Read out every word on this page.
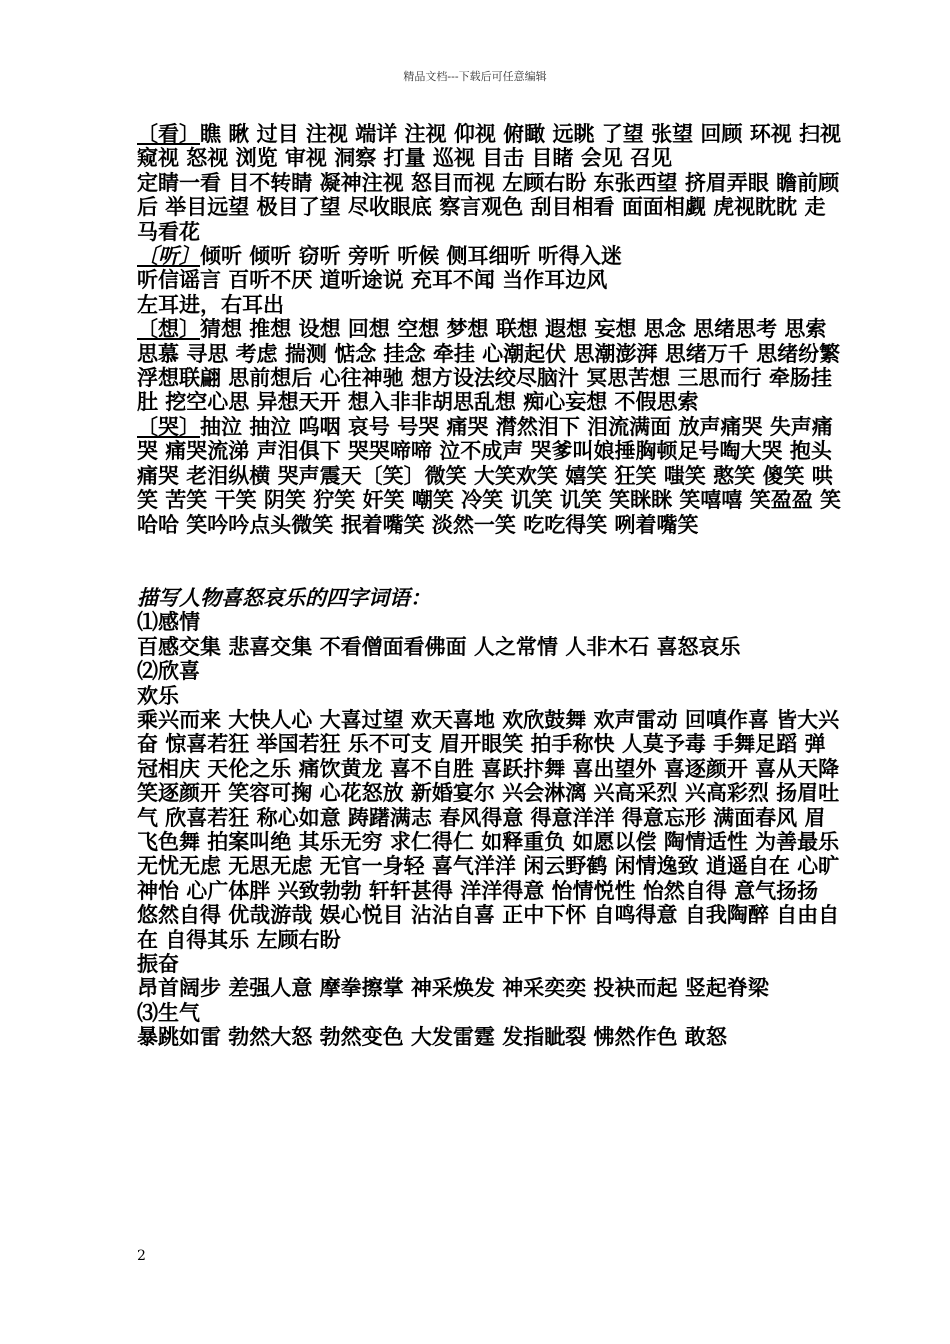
精品文档---下载后可任意编辑

〔看〕瞧 瞅 过目 注视 端详 注视 仰视 俯瞰 远眺 了望 张望 回顾 环视 扫视 窥视 怒视 浏览 审视 洞察 打量 巡视 目击 目睹 会见 召见

定睛一看 目不转睛 凝神注视 怒目而视 左顾右盼 东张西望 挤眉弄眼 瞻前顾后 举目远望 极目了望 尽收眼底 察言观色 刮目相看 面面相觑 虎视眈眈 走马看花

〔听〕倾听 倾听 窃听 旁听 听候 侧耳细听 听得入迷

听信谣言 百听不厌 道听途说 充耳不闻 当作耳边风

左耳进，右耳出

〔想〕猜想 推想 设想 回想 空想 梦想 联想 遐想 妄想 思念 思绪思考 思索 思慕 寻思 考虑 揣测 惦念 挂念 牵挂 心潮起伏 思潮澎湃 思绪万千 思绪纷繁 浮想联翩 思前想后 心往神驰 想方设法绞尽脑汁 冥思苦想 三思而行 牵肠挂肚 挖空心思 异想天开 想入非非胡思乱想 痴心妄想 不假思索

〔哭〕抽泣 抽泣 呜咽 哀号 号哭 痛哭 潸然泪下 泪流满面 放声痛哭 失声痛哭 痛哭流涕 声泪俱下 哭哭啼啼 泣不成声 哭爹叫娘捶胸顿足号啕大哭 抱头痛哭 老泪纵横 哭声震天〔笑〕微笑 大笑欢笑 嬉笑 狂笑 嗤笑 憨笑 傻笑 哄笑 苦笑 干笑 阴笑 狞笑 奸笑 嘲笑 冷笑 讥笑 讥笑 笑眯眯 笑嘻嘻 笑盈盈 笑哈哈 笑吟吟点头微笑 抿着嘴笑 淡然一笑 吃吃得笑 咧着嘴笑

描写人物喜怒哀乐的四字词语：

⑴感情

百感交集 悲喜交集 不看僧面看佛面 人之常情 人非木石 喜怒哀乐

⑵欣喜

欢乐

乘兴而来 大快人心 大喜过望 欢天喜地 欢欣鼓舞 欢声雷动 回嗔作喜 皆大兴奋 惊喜若狂 举国若狂 乐不可支 眉开眼笑 拍手称快 人莫予毒 手舞足蹈 弹冠相庆 天伦之乐 痛饮黄龙 喜不自胜 喜跃抃舞 喜出望外 喜逐颜开 喜从天降 笑逐颜开 笑容可掬 心花怒放 新婚宴尔 兴会淋漓 兴高采烈 兴高彩烈 扬眉吐气 欣喜若狂 称心如意 踌躇满志 春风得意 得意洋洋 得意忘形 满面春风 眉飞色舞 拍案叫绝 其乐无穷 求仁得仁 如释重负 如愿以偿 陶情适性 为善最乐 无忧无虑 无思无虑 无官一身轻 喜气洋洋 闲云野鹤 闲情逸致 逍遥自在 心旷神怡 心广体胖 兴致勃勃 轩轩甚得 洋洋得意 怡情悦性 怡然自得 意气扬扬 悠然自得 优哉游哉 娱心悦目 沾沾自喜 正中下怀 自鸣得意 自我陶醉 自由自在 自得其乐 左顾右盼

振奋

昂首阔步 差强人意 摩拳擦掌 神采焕发 神采奕奕 投袂而起 竖起脊梁

⑶生气

暴跳如雷 勃然大怒 勃然变色 大发雷霆 发指眦裂 怫然作色 敢怒

2
